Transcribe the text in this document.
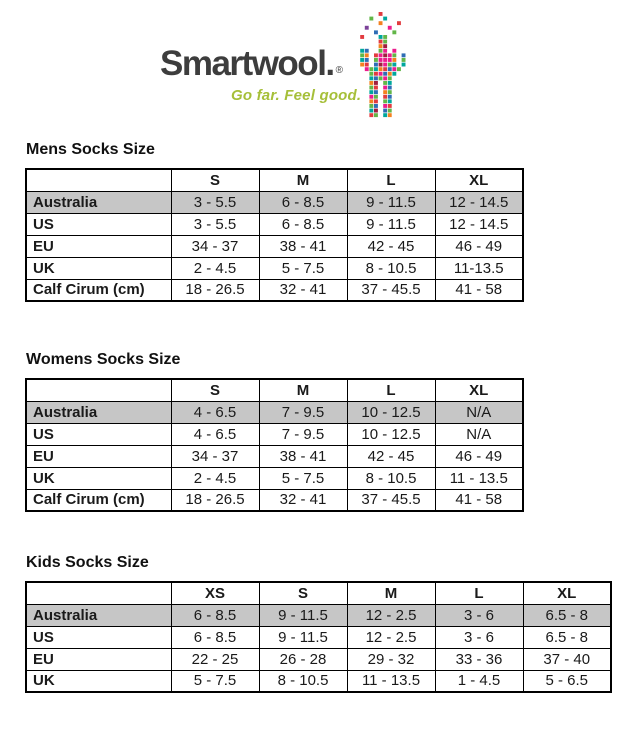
Smartwool. ®
Go far. Feel good.
Mens Socks Size
	S	M	L	XL
Australia	3 - 5.5	6 - 8.5	9 - 11.5	12 - 14.5
US	3 - 5.5	6 - 8.5	9 - 11.5	12 - 14.5
EU	34 - 37	38 - 41	42 - 45	46 - 49
UK	2 - 4.5	5 - 7.5	8 - 10.5	11-13.5
Calf Cirum (cm)	18 - 26.5	32 - 41	37 - 45.5	41 - 58
Womens Socks Size
	S	M	L	XL
Australia	4 - 6.5	7 - 9.5	10 - 12.5	N/A
US	4 - 6.5	7 - 9.5	10 - 12.5	N/A
EU	34 - 37	38 - 41	42 - 45	46 - 49
UK	2 - 4.5	5 - 7.5	8 - 10.5	11 - 13.5
Calf Cirum (cm)	18 - 26.5	32 - 41	37 - 45.5	41 - 58
Kids Socks Size
	XS	S	M	L	XL
Australia	6 - 8.5	9 - 11.5	12 - 2.5	3 - 6	6.5 - 8
US	6 - 8.5	9 - 11.5	12 - 2.5	3 - 6	6.5 - 8
EU	22 - 25	26 - 28	29 - 32	33 - 36	37 - 40
UK	5 - 7.5	8 - 10.5	11 - 13.5	1 - 4.5	5 - 6.5
